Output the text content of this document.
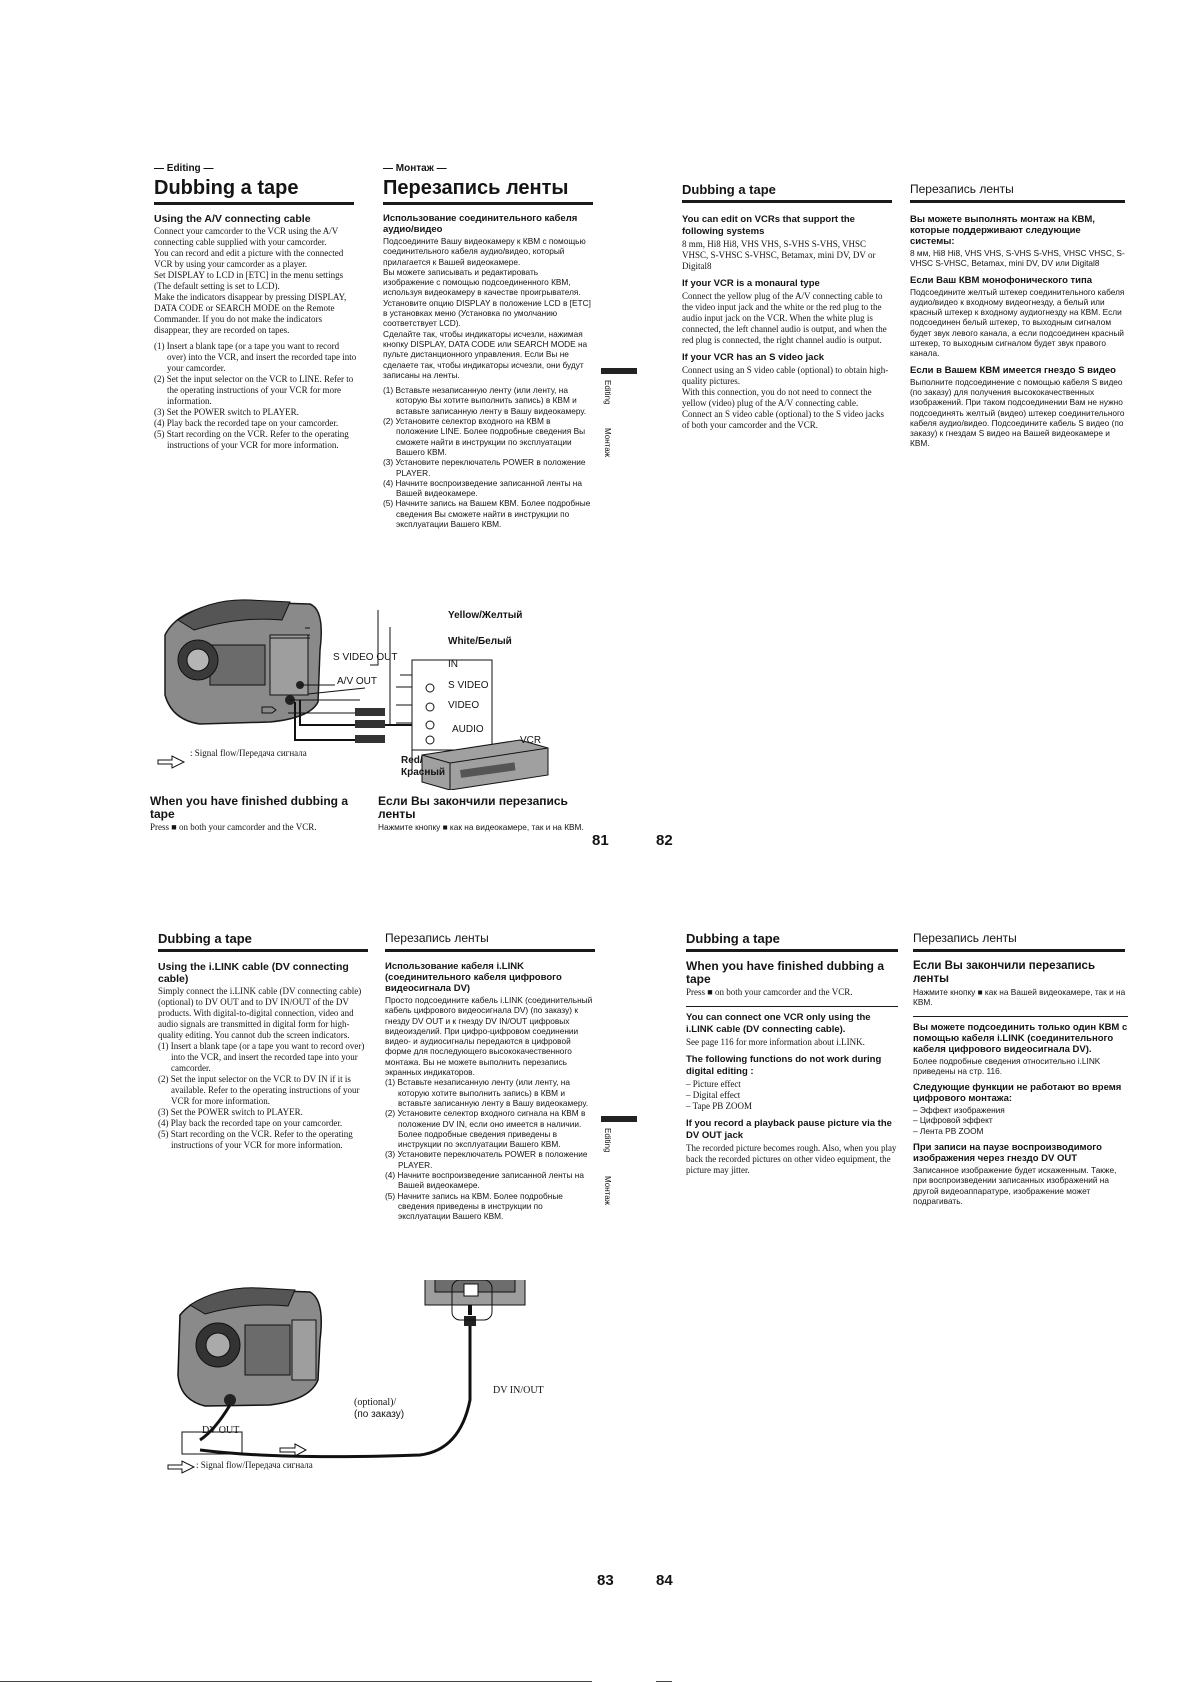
— Editing —	— Монтаж —
Dubbing a tape	Перезапись ленты
Using the A/V connecting cable

Connect your camcorder to the VCR using the A/V connecting cable supplied with your camcorder.

You can record and edit a picture with the connected VCR by using your camcorder as a player.

Set DISPLAY to LCD in [ETC] in the menu settings (The default setting is set to LCD).

Make the indicators disappear by pressing DISPLAY, DATA CODE or SEARCH MODE on the Remote Commander. If you do not make the indicators disappear, they are recorded on tapes.

(1) Insert a blank tape (or a tape you want to record over) into the VCR, and insert the recorded tape into your camcorder.
(2) Set the input selector on the VCR to LINE. Refer to the operating instructions of your VCR for more information.
(3) Set the POWER switch to PLAYER.
(4) Play back the recorded tape on your camcorder.
(5) Start recording on the VCR. Refer to the operating instructions of your VCR for more information.
Использование соединительного кабеля аудио/видео

Подсоедините Вашу видеокамеру к КВМ с помощью соединительного кабеля аудио/видео, который прилагается к Вашей видеокамере.

Вы можете записывать и редактировать изображение с помощью подсоединенного КВМ, используя видеокамеру в качестве проигрывателя.

Установите опцию DISPLAY в положение LCD в [ETC] в установках меню (Установка по умолчанию соответствует LCD).

Сделайте так, чтобы индикаторы исчезли, нажимая кнопку DISPLAY, DATA CODE или SEARCH MODE на пульте дистанционного управления. Если Вы не сделаете так, чтобы индикаторы исчезли, они будут записаны на ленты.

(1) Вставьте незаписанную ленту (или ленту, на которую Вы хотите выполнить запись) в КВМ и вставьте записанную ленту в Вашу видеокамеру.
(2) Установите селектор входного на КВМ в положение LINE. Более подробные сведения Вы сможете найти в инструкции по эксплуатации Вашего КВМ.
(3) Установите переключатель POWER в положение PLAYER.
(4) Начните воспроизведение записанной ленты на Вашей видеокамере.
(5) Начните запись на Вашем КВМ. Более подробные сведения Вы сможете найти в инструкции по эксплуатации Вашего КВМ.
Editing
Монтаж
S VIDEO OUT
A/V OUT
Yellow/Желтый
White/Белый
IN
S VIDEO
VIDEO
AUDIO
VCR
Red/
Красный
: Signal flow/Передача сигнала
When you have finished dubbing a tape

Press ■ on both your camcorder and the VCR.

Если Вы закончили перезапись ленты

Нажмите кнопку ■ как на видеокамере, так и на КВМ.

81
Dubbing a tape	Перезапись ленты
You can edit on VCRs that support the following systems

8 mm, Hi8 Hi8, VHS VHS, S-VHS S-VHS, VHSC VHSC, S-VHSC S-VHSC, Betamax, mini DV, DV or Digital8

If your VCR is a monaural type

Connect the yellow plug of the A/V connecting cable to the video input jack and the white or the red plug to the audio input jack on the VCR. When the white plug is connected, the left channel audio is output, and when the red plug is connected, the right channel audio is output.

If your VCR has an S video jack

Connect using an S video cable (optional) to obtain high-quality pictures.

With this connection, you do not need to connect the yellow (video) plug of the A/V connecting cable.

Connect an S video cable (optional) to the S video jacks of both your camcorder and the VCR.

Вы можете выполнять монтаж на КВМ, которые поддерживают следующие системы:

8 мм, Hi8 Hi8, VHS VHS, S-VHS S-VHS, VHSC VHSC, S-VHSC S-VHSC, Betamax, mini DV, DV или Digital8

Если Ваш КВМ монофонического типа

Подсоедините желтый штекер соединительного кабеля аудио/видео к входному видеогнезду, а белый или красный штекер к входному аудиогнезду на КВМ. Если подсоединен белый штекер, то выходным сигналом будет звук левого канала, а если подсоединен красный штекер, то выходным сигналом будет звук правого канала.

Если в Вашем КВМ имеется гнездо S видео

Выполните подсоединение с помощью кабеля S видео (по заказу) для получения высококачественных изображений. При таком подсоединении Вам не нужно подсоединять желтый (видео) штекер соединительного кабеля аудио/видео. Подсоедините кабель S видео (по заказу) к гнездам S видео на Вашей видеокамере и КВМ.

82
Dubbing a tape	Перезапись ленты
Using the i.LINK cable (DV connecting cable)

Simply connect the i.LINK cable (DV connecting cable) (optional) to DV OUT and to DV IN/OUT of the DV products. With digital-to-digital connection, video and audio signals are transmitted in digital form for high-quality editing. You cannot dub the screen indicators.

(1) Insert a blank tape (or a tape you want to record over) into the VCR, and insert the recorded tape into your camcorder.
(2) Set the input selector on the VCR to DV IN if it is available. Refer to the operating instructions of your VCR for more information.
(3) Set the POWER switch to PLAYER.
(4) Play back the recorded tape on your camcorder.
(5) Start recording on the VCR. Refer to the operating instructions of your VCR for more information.
Использование кабеля i.LINK (соединительного кабеля цифрового видеосигнала DV)

Просто подсоедините кабель i.LINK (соединительный кабель цифрового видеосигнала DV) (по заказу) к гнезду DV OUT и к гнезду DV IN/OUT цифровых видеоизделий. При цифро-цифровом соединении видео- и аудиосигналы передаются в цифровой форме для последующего высококачественного монтажа. Вы не можете выполнить перезапись экранных индикаторов.

(1) Вставьте незаписанную ленту (или ленту, на которую хотите выполнить запись) в КВМ и вставьте записанную ленту в Вашу видеокамеру.
(2) Установите селектор входного сигнала на КВМ в положение DV IN, если оно имеется в наличии. Более подробные сведения приведены в инструкции по эксплуатации Вашего КВМ.
(3) Установите переключатель POWER в положение PLAYER.
(4) Начните воспроизведение записанной ленты на Вашей видеокамере.
(5) Начните запись на КВМ. Более подробные сведения приведены в инструкции по эксплуатации Вашего КВМ.
Editing
Монтаж
DV IN/OUT
(optional)/
(по заказу)
DV OUT
: Signal flow/Передача сигнала
83
Dubbing a tape	Перезапись ленты
When you have finished dubbing a tape

Press ■ on both your camcorder and the VCR.

You can connect one VCR only using the i.LINK cable (DV connecting cable).

See page 116 for more information about i.LINK.

The following functions do not work during digital editing :

– Picture effect

– Digital effect

– Tape PB ZOOM

If you record a playback pause picture via the DV OUT jack

The recorded picture becomes rough. Also, when you play back the recorded pictures on other video equipment, the picture may jitter.

Если Вы закончили перезапись ленты

Нажмите кнопку ■ как на Вашей видеокамере, так и на КВМ.

Вы можете подсоединить только один КВМ с помощью кабеля i.LINK (соединительного кабеля цифрового видеосигнала DV).

Более подробные сведения относительно i.LINK приведены на стр. 116.

Следующие функции не работают во время цифрового монтажа:

– Эффект изображения

– Цифровой эффект

– Лента PB ZOOM

При записи на паузе воспроизводимого изображения через гнездо DV OUT

Записанное изображение будет искаженным. Также, при воспроизведении записанных изображений на другой видеоаппаратуре, изображение может подрагивать.

84
